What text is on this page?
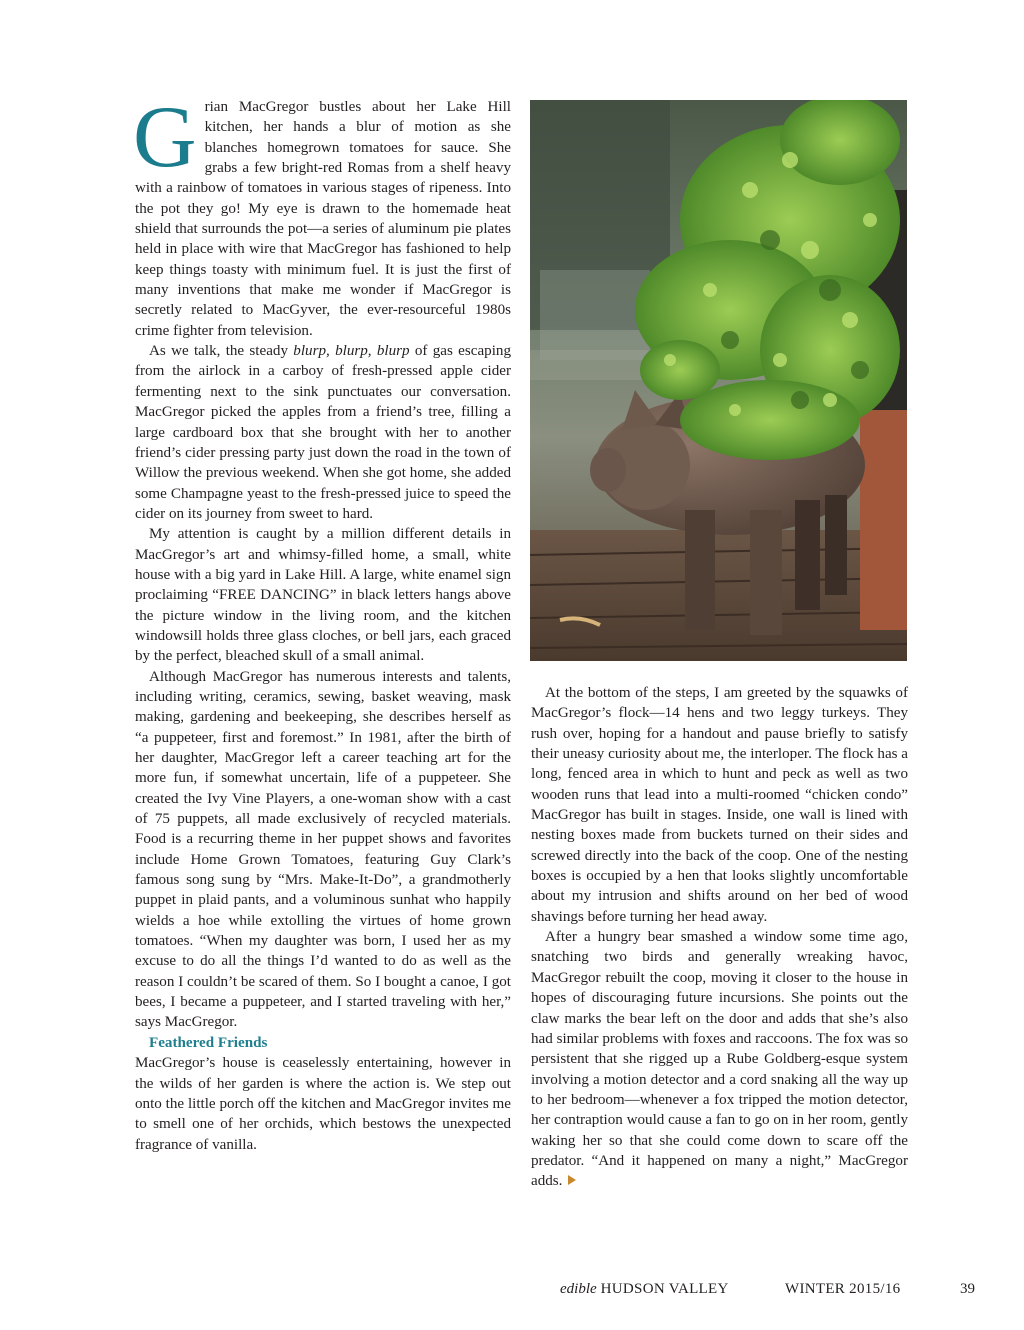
Grian MacGregor bustles about her Lake Hill kitchen, her hands a blur of motion as she blanches homegrown tomatoes for sauce. She grabs a few bright-red Romas from a shelf heavy with a rainbow of tomatoes in various stages of ripeness. Into the pot they go! My eye is drawn to the homemade heat shield that surrounds the pot—a series of aluminum pie plates held in place with wire that MacGregor has fashioned to help keep things toasty with minimum fuel. It is just the first of many inventions that make me wonder if MacGregor is secretly related to MacGyver, the ever-resourceful 1980s crime fighter from television.

As we talk, the steady blurp, blurp, blurp of gas escaping from the airlock in a carboy of fresh-pressed apple cider fermenting next to the sink punctuates our conversation. MacGregor picked the apples from a friend’s tree, filling a large cardboard box that she brought with her to another friend’s cider pressing party just down the road in the town of Willow the previous weekend. When she got home, she added some Champagne yeast to the fresh-pressed juice to speed the cider on its journey from sweet to hard.

My attention is caught by a million different details in MacGregor’s art and whimsy-filled home, a small, white house with a big yard in Lake Hill. A large, white enamel sign proclaiming “FREE DANCING” in black letters hangs above the picture window in the living room, and the kitchen windowsill holds three glass cloches, or bell jars, each graced by the perfect, bleached skull of a small animal.

Although MacGregor has numerous interests and talents, including writing, ceramics, sewing, basket weaving, mask making, gardening and beekeeping, she describes herself as “a puppeteer, first and foremost.” In 1981, after the birth of her daughter, MacGregor left a career teaching art for the more fun, if somewhat uncertain, life of a puppeteer. She created the Ivy Vine Players, a one-woman show with a cast of 75 puppets, all made exclusively of recycled materials. Food is a recurring theme in her puppet shows and favorites include Home Grown Tomatoes, featuring Guy Clark’s famous song sung by “Mrs. Make-It-Do”, a grandmotherly puppet in plaid pants, and a voluminous sunhat who happily wields a hoe while extolling the virtues of home grown tomatoes. “When my daughter was born, I used her as my excuse to do all the things I’d wanted to do as well as the reason I couldn’t be scared of them. So I bought a canoe, I got bees, I became a puppeteer, and I started traveling with her,” says MacGregor.

Feathered Friends

MacGregor’s house is ceaselessly entertaining, however in the wilds of her garden is where the action is. We step out onto the little porch off the kitchen and MacGregor invites me to smell one of her orchids, which bestows the unexpected fragrance of vanilla.

At the bottom of the steps, I am greeted by the squawks of MacGregor’s flock—14 hens and two leggy turkeys. They rush over, hoping for a handout and pause briefly to satisfy their uneasy curiosity about me, the interloper. The flock has a long, fenced area in which to hunt and peck as well as two wooden runs that lead into a multi-roomed “chicken condo” MacGregor has built in stages. Inside, one wall is lined with nesting boxes made from buckets turned on their sides and screwed directly into the back of the coop. One of the nesting boxes is occupied by a hen that looks slightly uncomfortable about my intrusion and shifts around on her bed of wood shavings before turning her head away.

After a hungry bear smashed a window some time ago, snatching two birds and generally wreaking havoc, MacGregor rebuilt the coop, moving it closer to the house in hopes of discouraging future incursions. She points out the claw marks the bear left on the door and adds that she’s also had similar problems with foxes and raccoons. The fox was so persistent that she rigged up a Rube Goldberg-esque system involving a motion detector and a cord snaking all the way up to her bedroom—whenever a fox tripped the motion detector, her contraption would cause a fan to go on in her room, gently waking her so that she could come down to scare off the predator. “And it happened on many a night,” MacGregor adds.

edible HUDSON VALLEY	WINTER 2015/16	39
